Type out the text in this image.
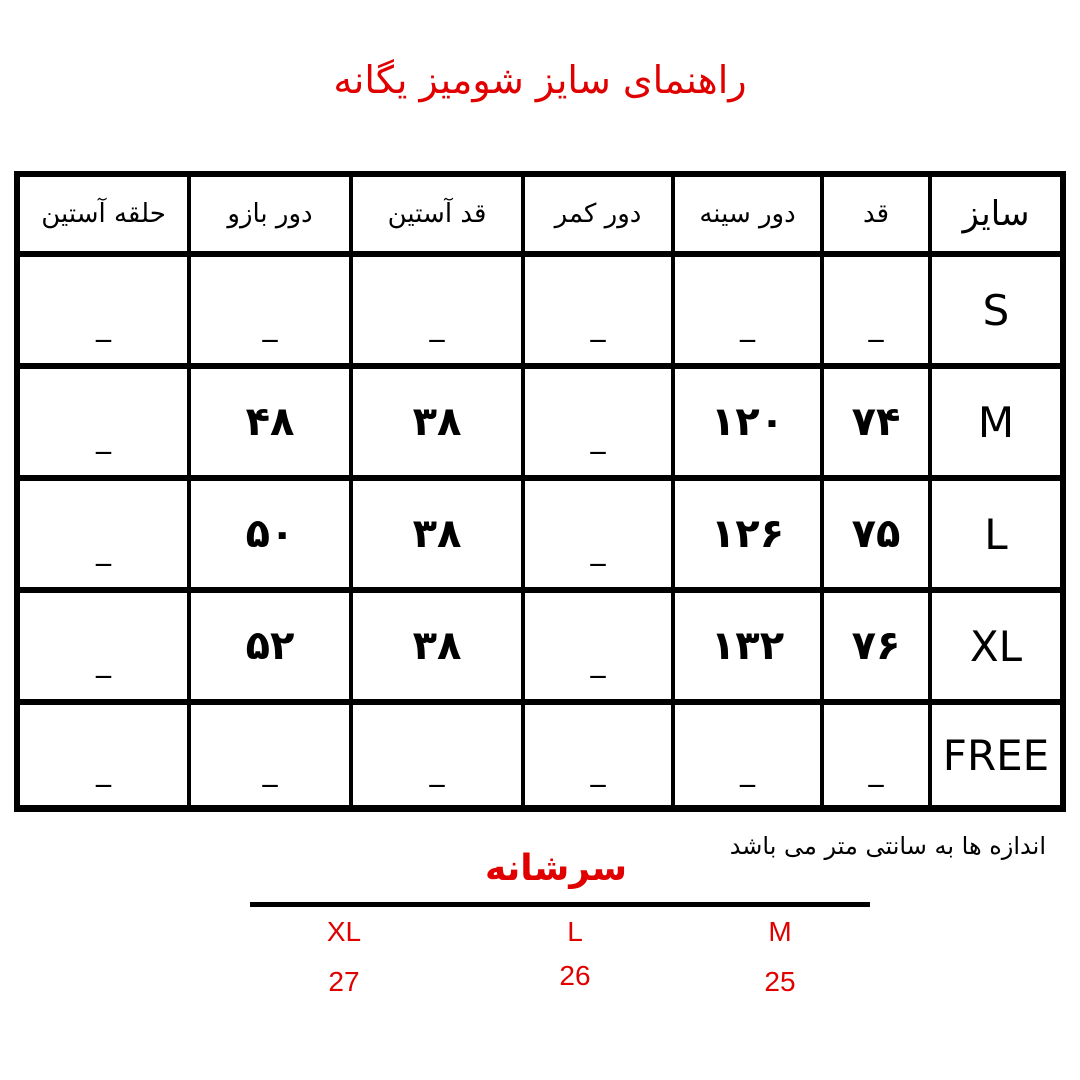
راهنمای سایز شومیز یگانه
سایز
قد
دور سینه
دور کمر
قد آستین
دور بازو
حلقه آستین
S
_
_
_
_
_
_
M
۷۴
۱۲۰
_
۳۸
۴۸
_
L
۷۵
۱۲۶
_
۳۸
۵۰
_
XL
۷۶
۱۳۲
_
۳۸
۵۲
_
FREE
_
_
_
_
_
_
اندازه ها به سانتی متر می باشد
سرشانه
M
25
L
26
XL
27
